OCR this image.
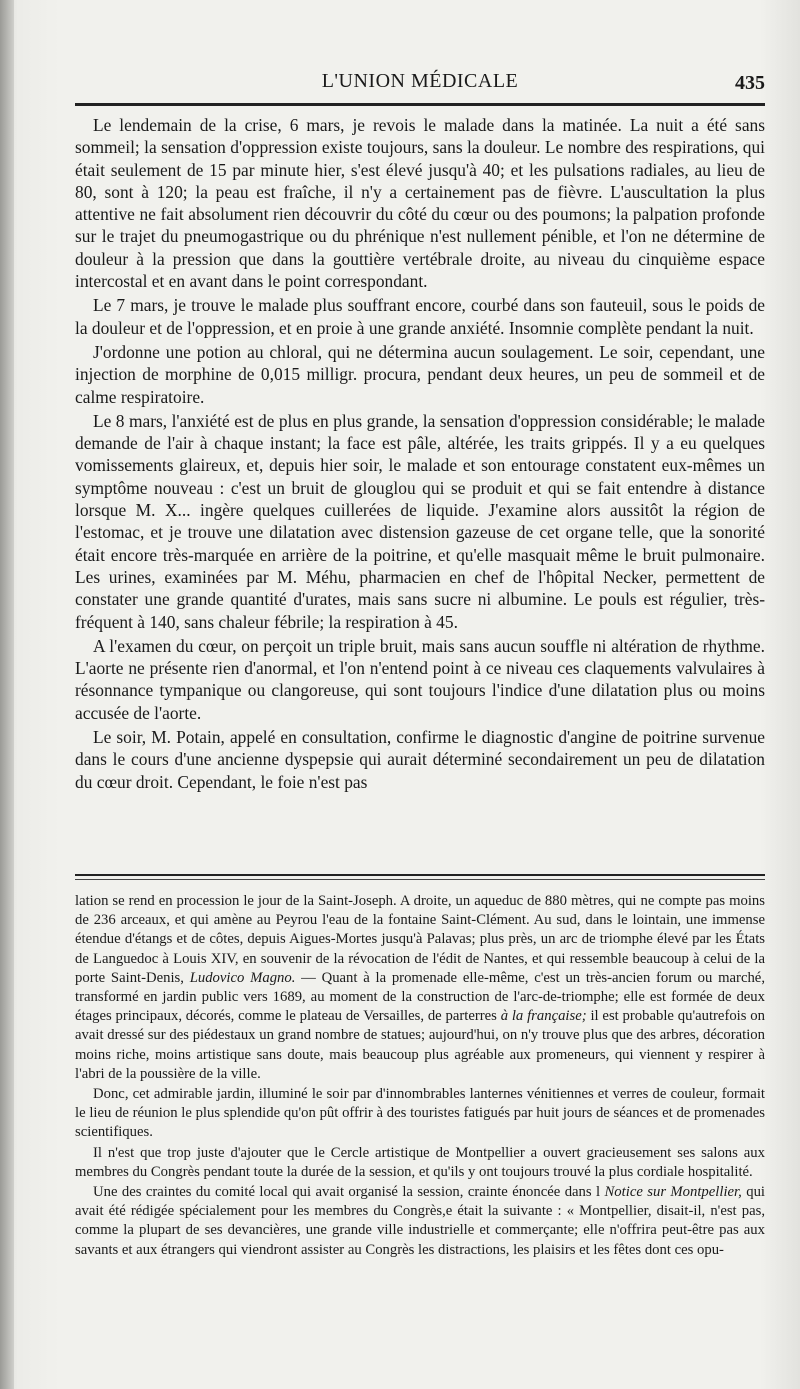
L'UNION MÉDICALE	435

Le lendemain de la crise, 6 mars, je revois le malade dans la matinée. La nuit a été sans sommeil; la sensation d'oppression existe toujours, sans la douleur. Le nombre des respirations, qui était seulement de 15 par minute hier, s'est élevé jusqu'à 40; et les pulsations radiales, au lieu de 80, sont à 120; la peau est fraîche, il n'y a certainement pas de fièvre. L'auscultation la plus attentive ne fait absolument rien découvrir du côté du cœur ou des poumons; la palpation profonde sur le trajet du pneumogastrique ou du phrénique n'est nullement pénible, et l'on ne détermine de douleur à la pression que dans la gouttière vertébrale droite, au niveau du cinquième espace intercostal et en avant dans le point correspondant.

Le 7 mars, je trouve le malade plus souffrant encore, courbé dans son fauteuil, sous le poids de la douleur et de l'oppression, et en proie à une grande anxiété. Insomnie complète pendant la nuit.

J'ordonne une potion au chloral, qui ne détermina aucun soulagement. Le soir, cependant, une injection de morphine de 0,015 milligr. procura, pendant deux heures, un peu de sommeil et de calme respiratoire.

Le 8 mars, l'anxiété est de plus en plus grande, la sensation d'oppression considérable; le malade demande de l'air à chaque instant; la face est pâle, altérée, les traits grippés. Il y a eu quelques vomissements glaireux, et, depuis hier soir, le malade et son entourage constatent eux-mêmes un symptôme nouveau : c'est un bruit de glouglou qui se produit et qui se fait entendre à distance lorsque M. X... ingère quelques cuillerées de liquide. J'examine alors aussitôt la région de l'estomac, et je trouve une dilatation avec distension gazeuse de cet organe telle, que la sonorité était encore très-marquée en arrière de la poitrine, et qu'elle masquait même le bruit pulmonaire. Les urines, examinées par M. Méhu, pharmacien en chef de l'hôpital Necker, permettent de constater une grande quantité d'urates, mais sans sucre ni albumine. Le pouls est régulier, très-fréquent à 140, sans chaleur fébrile; la respiration à 45.

A l'examen du cœur, on perçoit un triple bruit, mais sans aucun souffle ni altération de rhythme. L'aorte ne présente rien d'anormal, et l'on n'entend point à ce niveau ces claquements valvulaires à résonnance tympanique ou clangoreuse, qui sont toujours l'indice d'une dilatation plus ou moins accusée de l'aorte.

Le soir, M. Potain, appelé en consultation, confirme le diagnostic d'angine de poitrine survenue dans le cours d'une ancienne dyspepsie qui aurait déterminé secondairement un peu de dilatation du cœur droit. Cependant, le foie n'est pas

lation se rend en procession le jour de la Saint-Joseph. A droite, un aqueduc de 880 mètres, qui ne compte pas moins de 236 arceaux, et qui amène au Peyrou l'eau de la fontaine Saint-Clément. Au sud, dans le lointain, une immense étendue d'étangs et de côtes, depuis Aigues-Mortes jusqu'à Palavas; plus près, un arc de triomphe élevé par les États de Languedoc à Louis XIV, en souvenir de la révocation de l'édit de Nantes, et qui ressemble beaucoup à celui de la porte Saint-Denis, Ludovico Magno. — Quant à la promenade elle-même, c'est un très-ancien forum ou marché, transformé en jardin public vers 1689, au moment de la construction de l'arc-de-triomphe; elle est formée de deux étages principaux, décorés, comme le plateau de Versailles, de parterres à la française; il est probable qu'autrefois on avait dressé sur des piédestaux un grand nombre de statues; aujourd'hui, on n'y trouve plus que des arbres, décoration moins riche, moins artistique sans doute, mais beaucoup plus agréable aux promeneurs, qui viennent y respirer à l'abri de la poussière de la ville.

Donc, cet admirable jardin, illuminé le soir par d'innombrables lanternes vénitiennes et verres de couleur, formait le lieu de réunion le plus splendide qu'on pût offrir à des touristes fatigués par huit jours de séances et de promenades scientifiques.

Il n'est que trop juste d'ajouter que le Cercle artistique de Montpellier a ouvert gracieusement ses salons aux membres du Congrès pendant toute la durée de la session, et qu'ils y ont toujours trouvé la plus cordiale hospitalité.

Une des craintes du comité local qui avait organisé la session, crainte énoncée dans l Notice sur Montpellier, qui avait été rédigée spécialement pour les membres du Congrès,e était la suivante : « Montpellier, disait-il, n'est pas, comme la plupart de ses devancières, une grande ville industrielle et commerçante; elle n'offrira peut-être pas aux savants et aux étrangers qui viendront assister au Congrès les distractions, les plaisirs et les fêtes dont ces opu-
